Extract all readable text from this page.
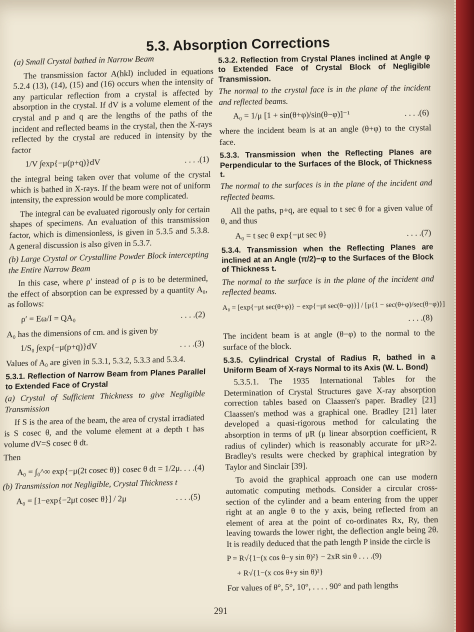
5.3. Absorption Corrections

(a) Small Crystal bathed in Narrow Beam

The transmission factor A(hkl) included in equations 5.2.4 (13), (14), (15) and (16) occurs when the intensity of any particular reflection from a crystal is affected by absorption in the crystal. If dV is a volume element of the crystal and p and q are the lengths of the paths of the incident and reflected beams in the crystal, then the X-rays reflected by the crystal are reduced in intensity by the factor

1/V ∫exp{−μ(p+q)}dV	. . . .(1)

the integral being taken over that volume of the crystal which is bathed in X-rays. If the beam were not of uniform intensity, the expression would be more complicated.

The integral can be evaluated rigorously only for certain shapes of specimens. An evaluation of this transmission factor, which is dimensionless, is given in 5.3.5 and 5.3.8. A general discussion is also given in 5.3.7.

(b) Large Crystal or Crystalline Powder Block intercepting the Entire Narrow Beam

In this case, where ρ′ instead of ρ is to be determined, the effect of absorption can be expressed by a quantity A₀, as follows:

ρ′ = Eω/I = QA₀	. . . .(2)

A₀ has the dimensions of cm. and is given by

1/S₀ ∫exp{−μ(p+q)}dV	. . . .(3)

Values of A₀ are given in 5.3.1, 5.3.2, 5.3.3 and 5.3.4.

5.3.1. Reflection of Narrow Beam from Planes Parallel to Extended Face of Crystal

(a) Crystal of Sufficient Thickness to give Negligible Transmission

If S is the area of the beam, the area of crystal irradiated is S cosec θ, and the volume element at a depth t has volume dV=S cosec θ dt.

Then

A₀ = ∫₀^∞ exp{−μ(2t cosec θ)} cosec θ dt = 1/2μ . . . .(4)

(b) Transmission not Negligible, Crystal Thickness t

A₀ = [1−exp{−2μt cosec θ}] / 2μ	. . . .(5)

5.3.2. Reflection from Crystal Planes inclined at Angle φ to Extended Face of Crystal Block of Negligible Transmission.

The normal to the crystal face is in the plane of the incident and reflected beams.

A₀ = 1/μ [1 + sin(θ+φ)/sin(θ−φ)]⁻¹	. . . .(6)

where the incident beam is at an angle (θ+φ) to the crystal face.

5.3.3. Transmission when the Reflecting Planes are Perpendicular to the Surfaces of the Block, of Thickness t.

The normal to the surfaces is in the plane of the incident and reflected beams.

All the paths, p+q, are equal to t sec θ for a given value of θ, and thus

A₀ = t sec θ exp{−μt sec θ}	. . . .(7)

5.3.4. Transmission when the Reflecting Planes are inclined at an Angle (π/2)−φ to the Surfaces of the Block of Thickness t.

The normal to the surface is in the plane of the incident and reflected beams.

A₀ = [exp{−μt sec(θ+φ)} − exp{−μt sec(θ−φ)}] / [μ{1 − sec(θ+φ)/sec(θ−φ)}]
. . . .(8)

The incident beam is at angle (θ−φ) to the normal to the surface of the block.

5.3.5. Cylindrical Crystal of Radius R, bathed in a Uniform Beam of X-rays Normal to its Axis (W. L. Bond)

5.3.5.1. The 1935 International Tables for the Determination of Crystal Structures gave X-ray absorption correction tables based on Claassen's paper. Bradley [21] Claassen's method was a graphical one. Bradley [21] later developed a quasi-rigorous method for calculating the absorption in terms of μR (μ linear absorption coefficient, R radius of cylinder) which is reasonably accurate for μR>2. Bradley's results were checked by graphical integration by Taylor and Sinclair [39].

To avoid the graphical approach one can use modern automatic computing methods. Consider a circular cross-section of the cylinder and a beam entering from the upper right at an angle θ to the y axis, being reflected from an element of area at the point of co-ordinates Rx, Ry, then leaving towards the lower right, the deflection angle being 2θ. It is readily deduced that the path length P inside the circle is

P = R√{1−(x cos θ−y sin θ)²} − 2xR sin θ . . . .(9)
+ R√{1−(x cos θ+y sin θ)²}

For values of θ°, 5°, 10°, . . . . 90° and path lengths

291
